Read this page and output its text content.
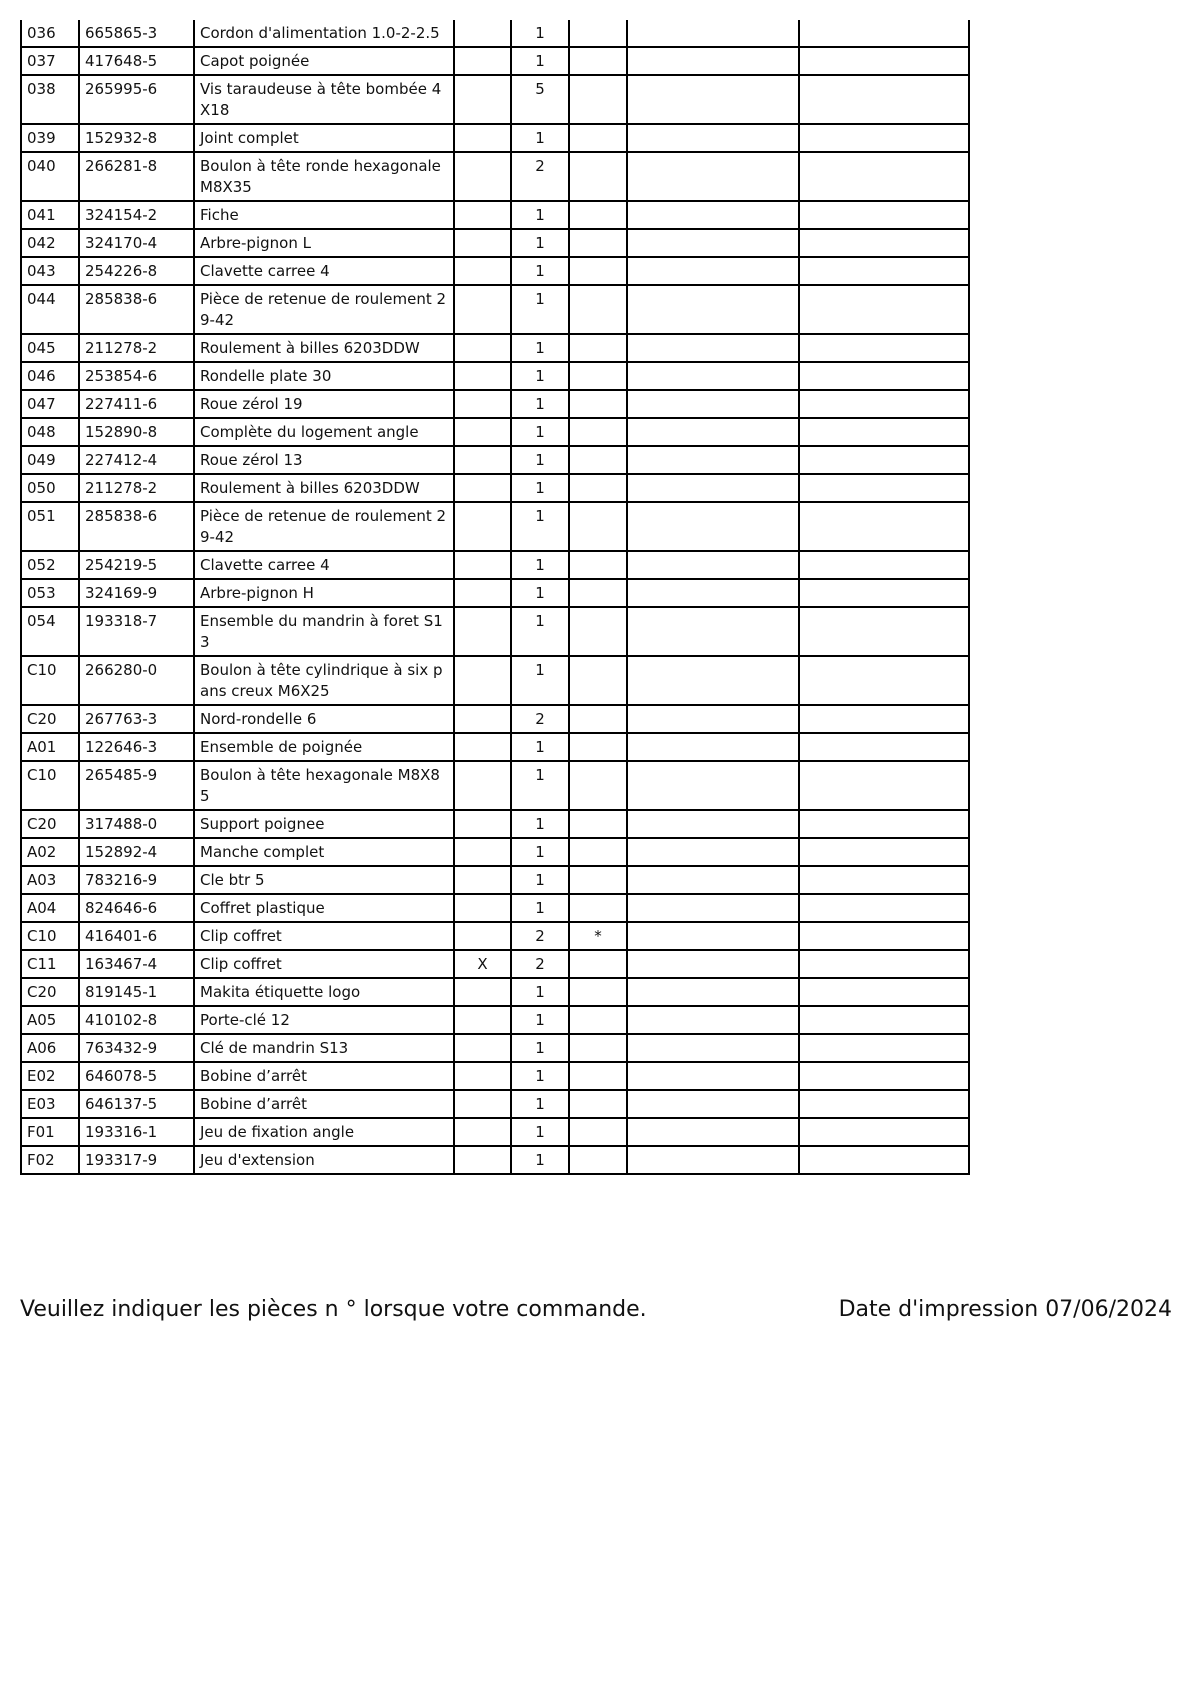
036	665865-3	Cordon d'alimentation 1.0-2-2.5		1			
037	417648-5	Capot poignée		1			
038	265995-6	Vis taraudeuse à tête bombée 4X18		5			
039	152932-8	Joint complet		1			
040	266281-8	Boulon à tête ronde hexagonale M8X35		2			
041	324154-2	Fiche		1			
042	324170-4	Arbre-pignon L		1			
043	254226-8	Clavette carree 4		1			
044	285838-6	Pièce de retenue de roulement 29-42		1			
045	211278-2	Roulement à billes 6203DDW		1			
046	253854-6	Rondelle plate 30		1			
047	227411-6	Roue zérol 19		1			
048	152890-8	Complète du logement angle		1			
049	227412-4	Roue zérol 13		1			
050	211278-2	Roulement à billes 6203DDW		1			
051	285838-6	Pièce de retenue de roulement 29-42		1			
052	254219-5	Clavette carree 4		1			
053	324169-9	Arbre-pignon H		1			
054	193318-7	Ensemble du mandrin à foret S13		1			
C10	266280-0	Boulon à tête cylindrique à six pans creux M6X25		1			
C20	267763-3	Nord-rondelle 6		2			
A01	122646-3	Ensemble de poignée		1			
C10	265485-9	Boulon à tête hexagonale M8X85		1			
C20	317488-0	Support poignee		1			
A02	152892-4	Manche complet		1			
A03	783216-9	Cle btr 5		1			
A04	824646-6	Coffret plastique		1			
C10	416401-6	Clip coffret		2	*		
C11	163467-4	Clip coffret	X	2			
C20	819145-1	Makita étiquette logo		1			
A05	410102-8	Porte-clé 12		1			
A06	763432-9	Clé de mandrin S13		1			
E02	646078-5	Bobine d’arrêt		1			
E03	646137-5	Bobine d’arrêt		1			
F01	193316-1	Jeu de fixation angle		1			
F02	193317-9	Jeu d'extension		1			
Veuillez indiquer les pièces n ° lorsque votre commande.	Date d'impression 07/06/2024
